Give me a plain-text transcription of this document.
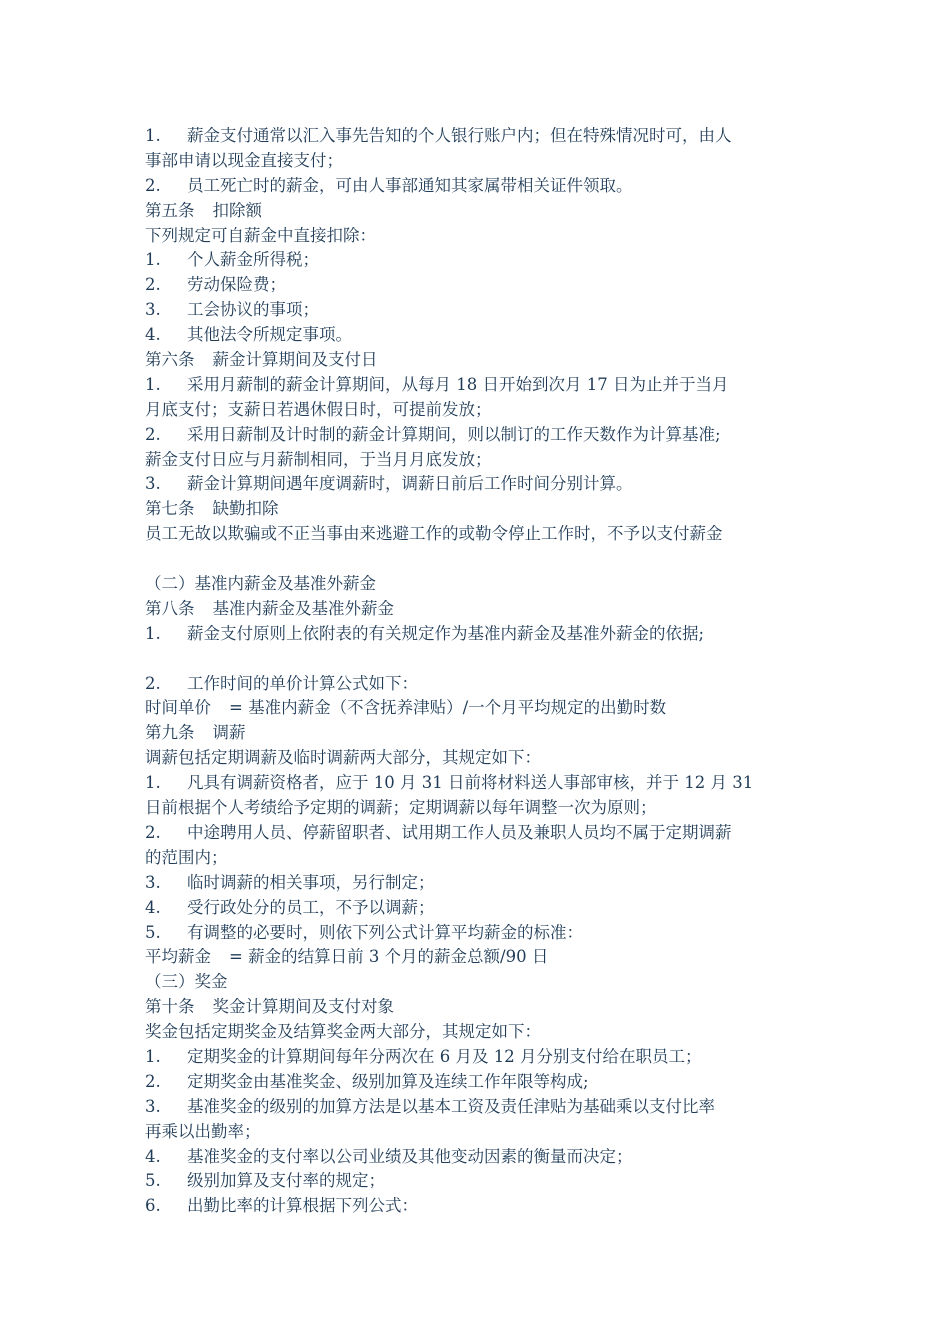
1. 薪金支付通常以汇入事先告知的个人银行账户内；但在特殊情况时可，由人
事部申请以现金直接支付；
2. 员工死亡时的薪金，可由人事部通知其家属带相关证件领取。
第五条 扣除额
下列规定可自薪金中直接扣除：
1. 个人薪金所得税；
2. 劳动保险费；
3. 工会协议的事项；
4. 其他法令所规定事项。
第六条 薪金计算期间及支付日
1. 采用月薪制的薪金计算期间，从每月 18 日开始到次月 17 日为止并于当月
月底支付；支薪日若遇休假日时，可提前发放；
2. 采用日薪制及计时制的薪金计算期间，则以制订的工作天数作为计算基准;
薪金支付日应与月薪制相同，于当月月底发放；
3. 薪金计算期间遇年度调薪时，调薪日前后工作时间分别计算。
第七条 缺勤扣除
员工无故以欺骗或不正当事由来逃避工作的或勒令停止工作时，不予以支付薪金
（二）基准内薪金及基准外薪金
第八条 基准内薪金及基准外薪金
1. 薪金支付原则上依附表的有关规定作为基准内薪金及基准外薪金的依据;
2. 工作时间的单价计算公式如下：
时间单价 = 基准内薪金（不含抚养津贴）/一个月平均规定的出勤时数
第九条 调薪
调薪包括定期调薪及临时调薪两大部分，其规定如下：
1. 凡具有调薪资格者，应于 10 月 31 日前将材料送人事部审核，并于 12 月 31
日前根据个人考绩给予定期的调薪；定期调薪以每年调整一次为原则；
2. 中途聘用人员、停薪留职者、试用期工作人员及兼职人员均不属于定期调薪
的范围内；
3. 临时调薪的相关事项，另行制定；
4. 受行政处分的员工，不予以调薪；
5. 有调整的必要时，则依下列公式计算平均薪金的标准：
平均薪金 = 薪金的结算日前 3 个月的薪金总额/90 日
（三）奖金
第十条 奖金计算期间及支付对象
奖金包括定期奖金及结算奖金两大部分，其规定如下：
1. 定期奖金的计算期间每年分两次在 6 月及 12 月分别支付给在职员工；
2. 定期奖金由基准奖金、级别加算及连续工作年限等构成;
3. 基准奖金的级别的加算方法是以基本工资及责任津贴为基础乘以支付比率
再乘以出勤率；
4. 基准奖金的支付率以公司业绩及其他变动因素的衡量而决定；
5. 级别加算及支付率的规定；
6. 出勤比率的计算根据下列公式：
